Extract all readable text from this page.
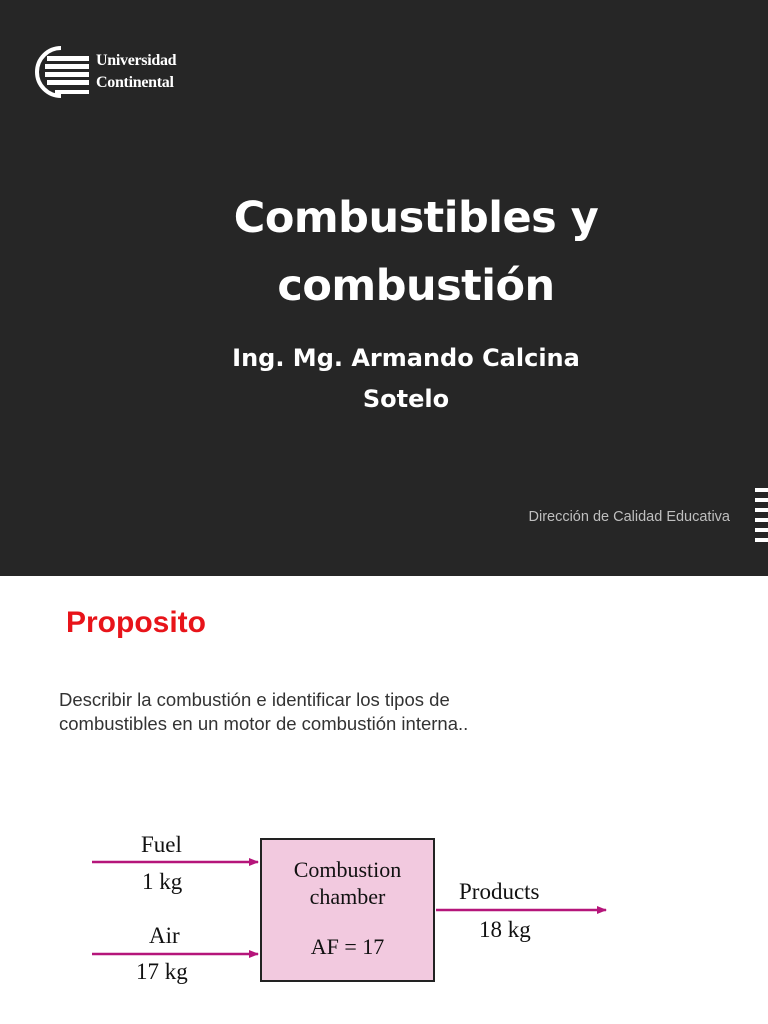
Universidad
Continental
Combustibles y
combustión
Ing. Mg. Armando Calcina
Sotelo
Dirección de Calidad Educativa
Proposito
Describir la combustión e identificar los tipos de
combustibles en un motor de combustión interna..
Fuel
1 kg
Air
17 kg
Combustion
chamber
AF = 17
Products
18 kg
